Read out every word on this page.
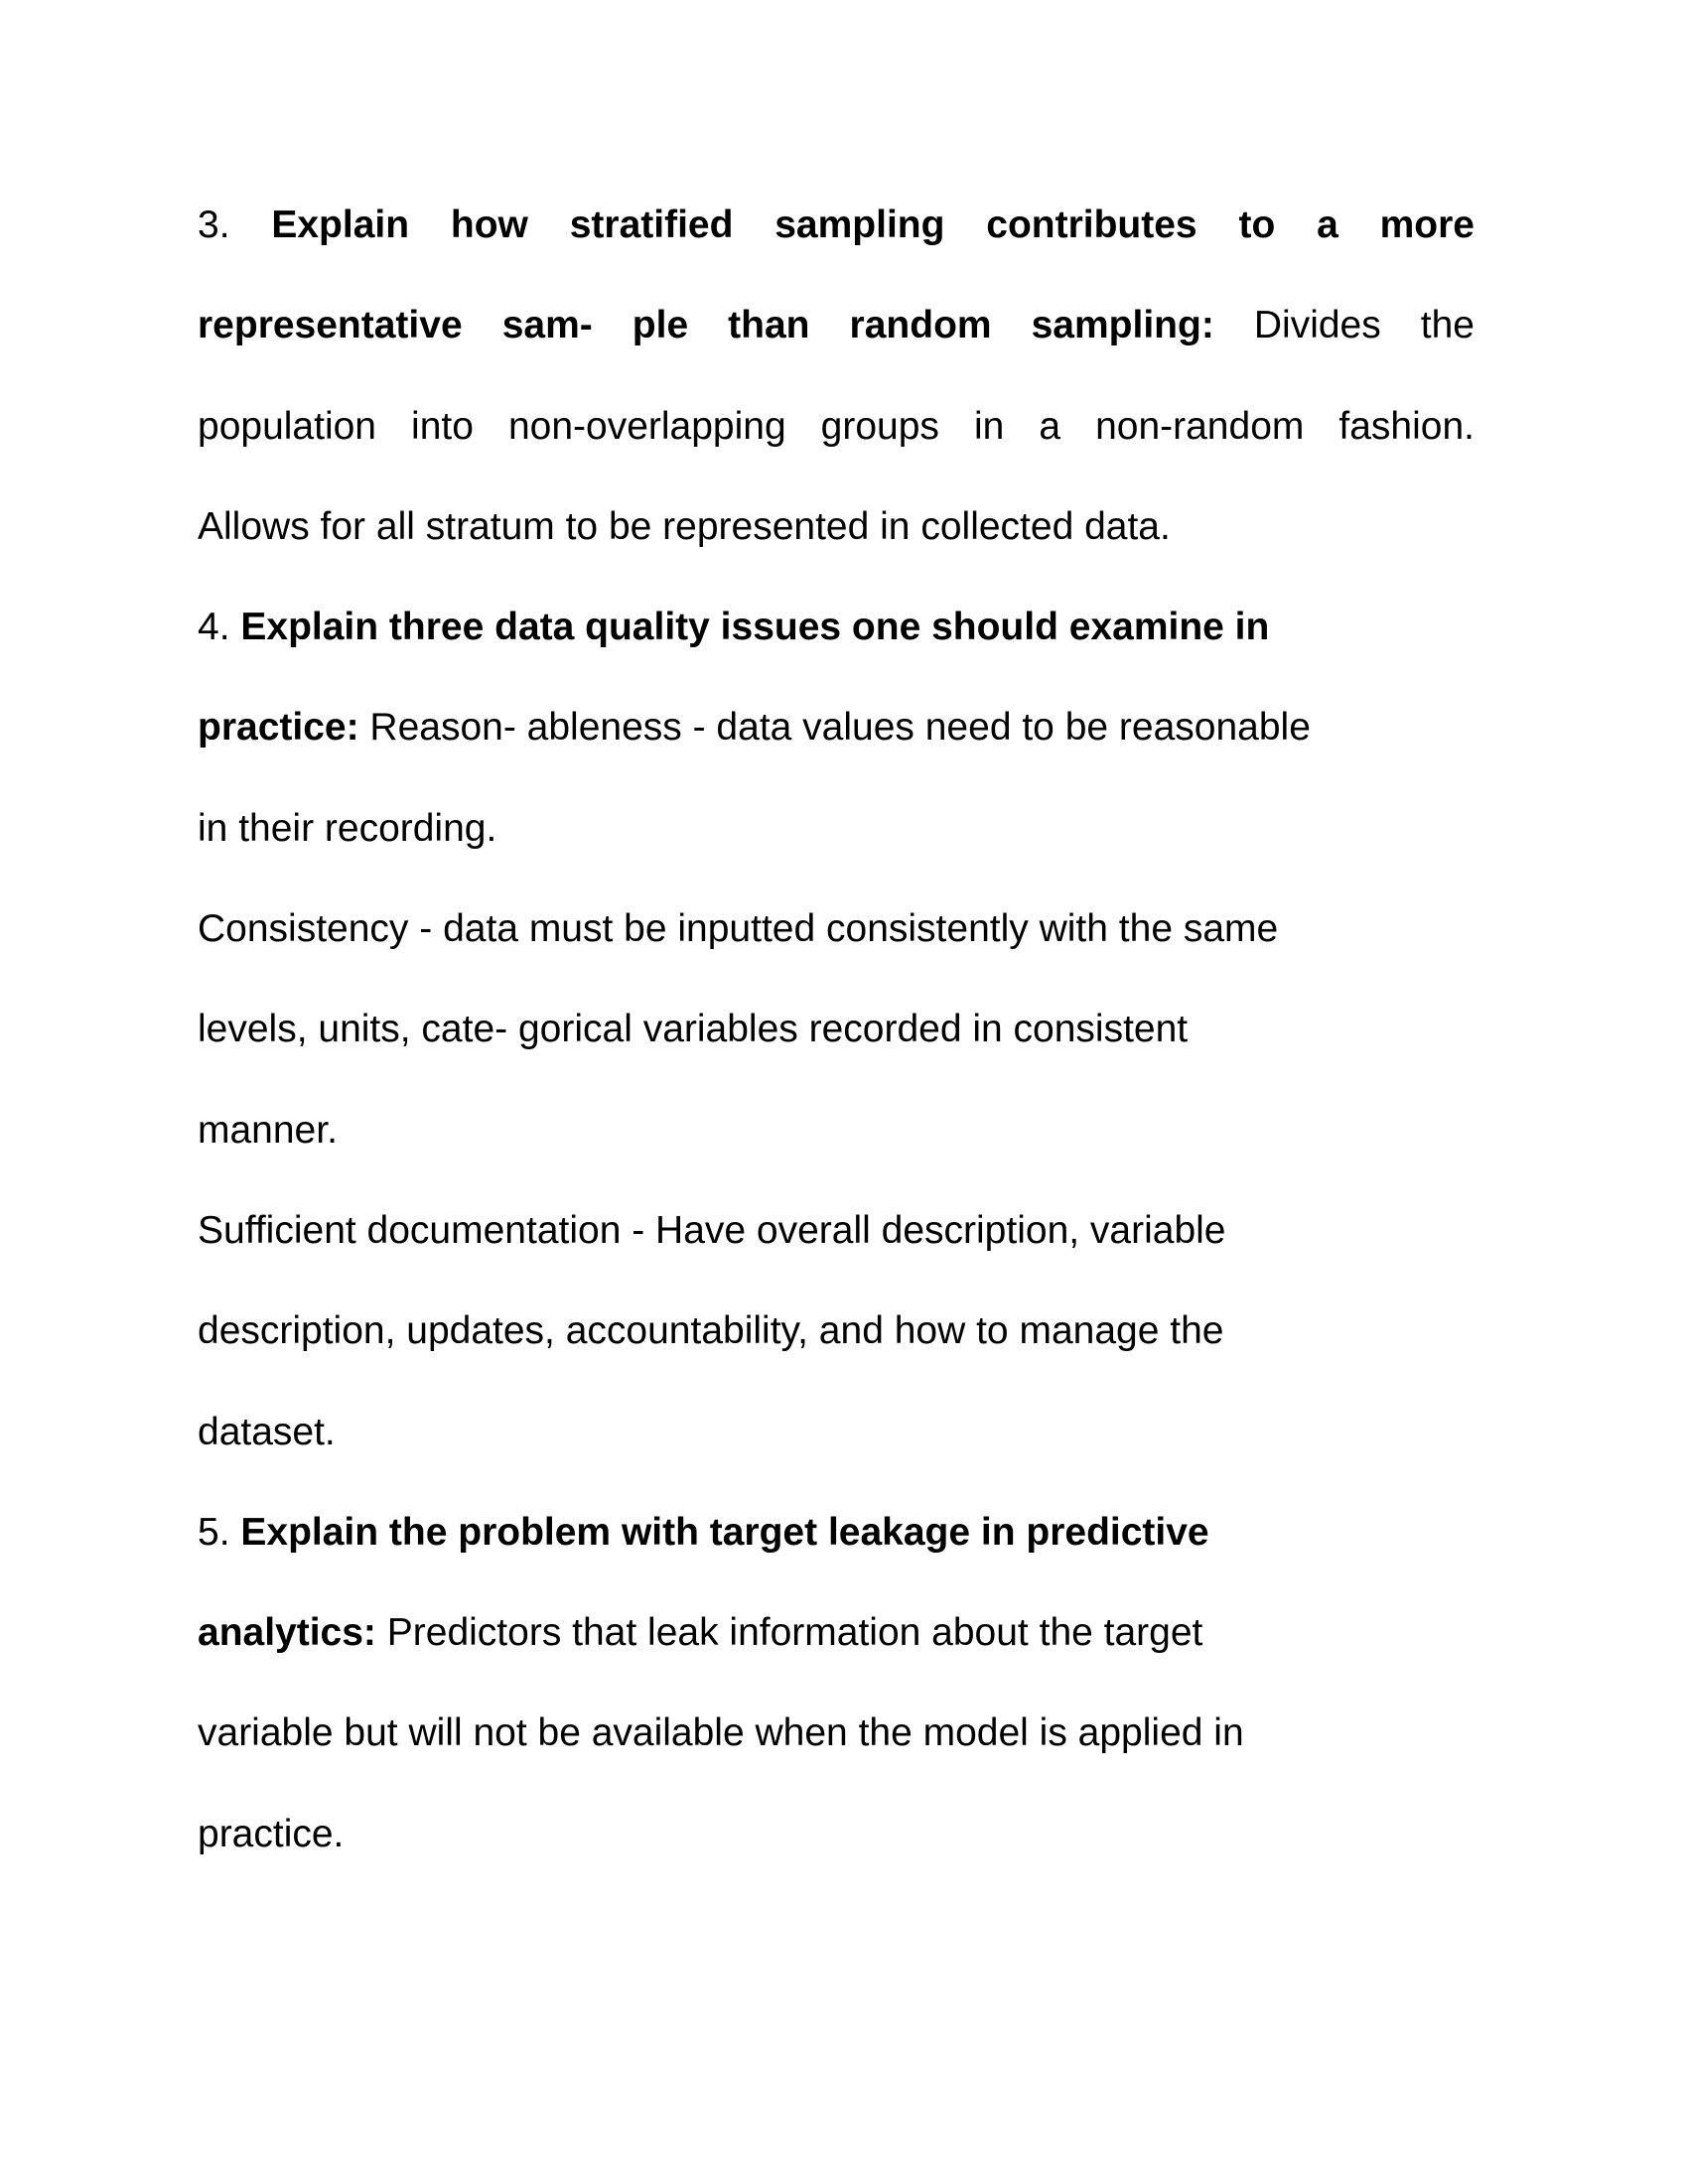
3. Explain how stratified sampling contributes to a more
representative sam- ple than random sampling: Divides the
population into non-overlapping groups in a non-random fashion.
Allows for all stratum to be represented in collected data.
4. Explain three data quality issues one should examine in
practice: Reason- ableness - data values need to be reasonable
in their recording.
Consistency - data must be inputted consistently with the same
levels, units, cate- gorical variables recorded in consistent
manner.
Sufficient documentation - Have overall description, variable
description, updates, accountability, and how to manage the
dataset.
5. Explain the problem with target leakage in predictive
analytics: Predictors that leak information about the target
variable but will not be available when the model is applied in
practice.
